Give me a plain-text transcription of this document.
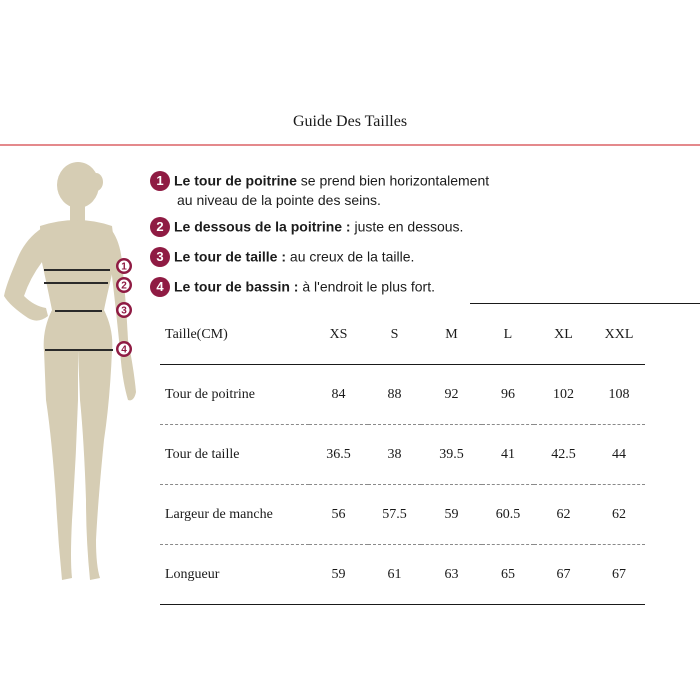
Guide Des Tailles
1
2
3
4
1 Le tour de poitrine se prend bien horizontalement
au niveau de la pointe des seins.
2 Le dessous de la poitrine : juste en dessous.
3 Le tour de taille : au creux de la taille.
4 Le tour de bassin : à l'endroit le plus fort.
Taille(CM)	XS	S	M	L	XL	XXL	
Tour de poitrine	84	88	92	96	102	108	
Tour de taille	36.5	38	39.5	41	42.5	44	
Largeur de manche	56	57.5	59	60.5	62	62	
Longueur	59	61	63	65	67	67	
